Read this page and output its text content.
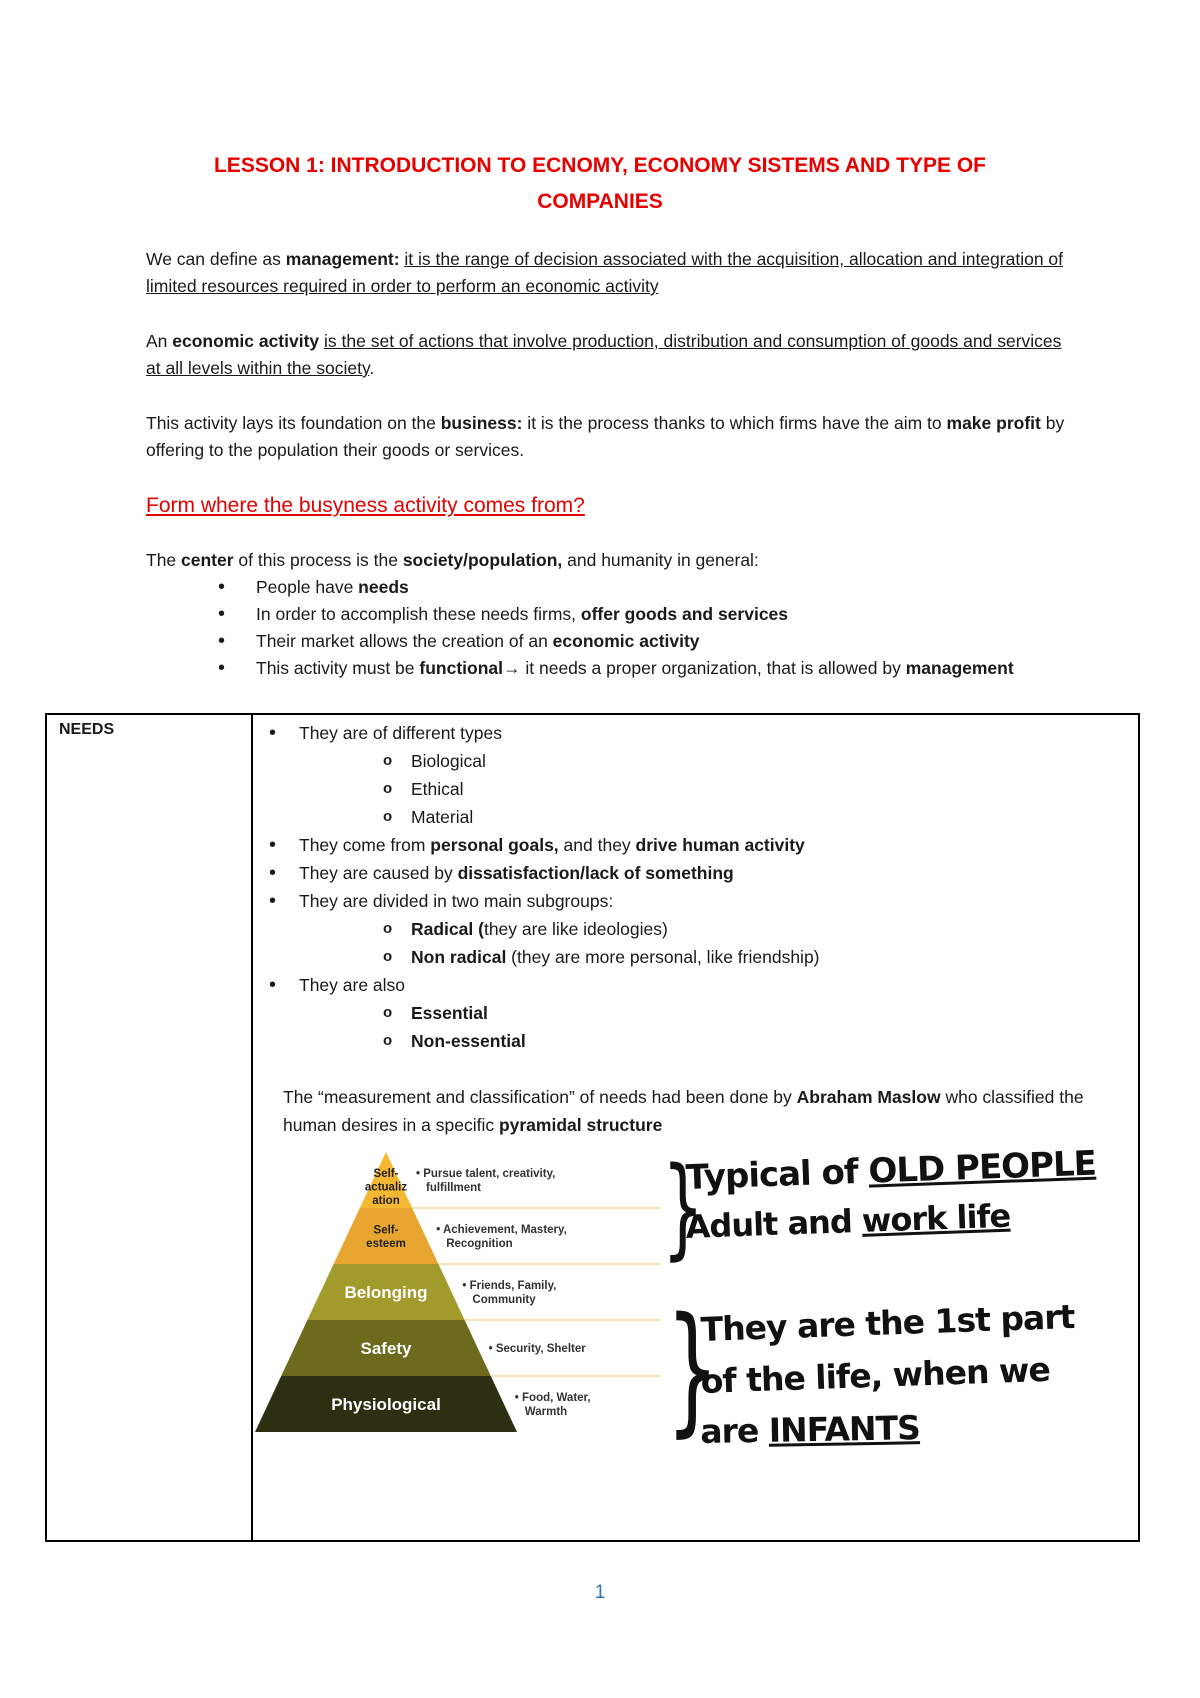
LESSON 1: INTRODUCTION TO ECNOMY, ECONOMY SISTEMS AND TYPE OF
COMPANIES
We can define as management: it is the range of decision associated with the acquisition, allocation and integration of limited resources required in order to perform an economic activity
An economic activity is the set of actions that involve production, distribution and consumption of goods and services at all levels within the society.
This activity lays its foundation on the business: it is the process thanks to which firms have the aim to make profit by offering to the population their goods or services.
Form where the busyness activity comes from?
The center of this process is the society/population, and humanity in general:
• People have needs
• In order to accomplish these needs firms, offer goods and services
• Their market allows the creation of an economic activity
• This activity must be functional→ it needs a proper organization, that is allowed by management
NEEDS
•	They are of different types
o Biological
o Ethical
o Material
• They come from personal goals, and they drive human activity
• They are caused by dissatisfaction/lack of something
• They are divided in two main subgroups:
o Radical (they are like ideologies)
o Non radical (they are more personal, like friendship)
• They are also
o Essential
o Non-essential
The “measurement and classification” of needs had been done by Abraham Maslow who classified the human desires in a specific pyramidal structure
Self-
actualiz
ation
• Pursue talent, creativity,
fulfillment
Self-
esteem
• Achievement, Mastery,
Recognition
Belonging	• Friends, Family,
Community
Safety	• Security, Shelter
Physiological	• Food, Water,
Warmth
}
}
Typical of OLD PEOPLE
Adult and work life
They are the 1st part
of the life, when we
are INFANTS
1
